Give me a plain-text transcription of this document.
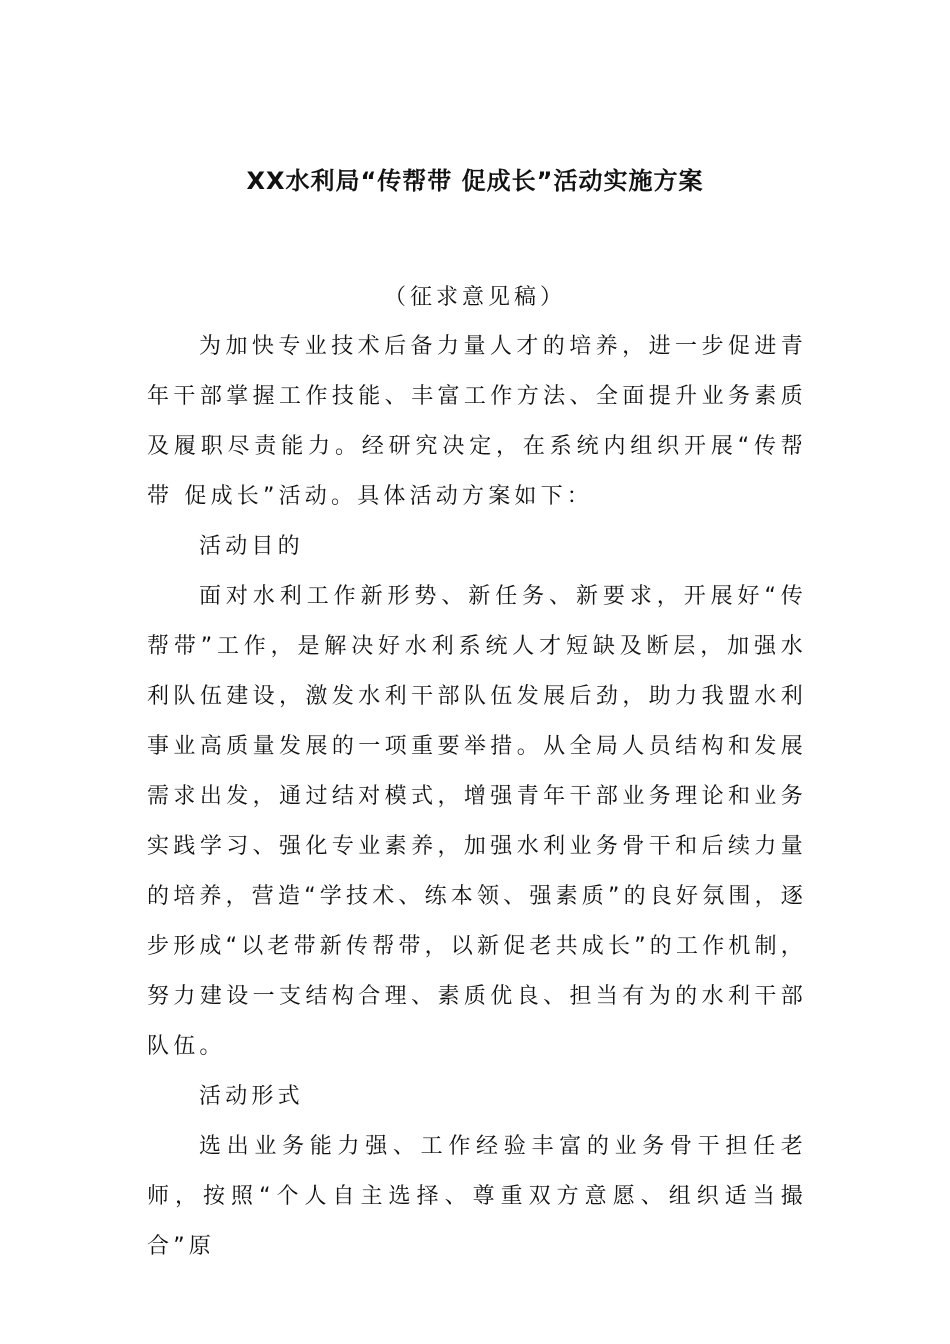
XX水利局“传帮带 促成长”活动实施方案
（征求意见稿）
为加快专业技术后备力量人才的培养，进一步促进青年干部掌握工作技能、丰富工作方法、全面提升业务素质及履职尽责能力。经研究决定，在系统内组织开展“传帮带 促成长”活动。具体活动方案如下：
活动目的
面对水利工作新形势、新任务、新要求，开展好“传帮带”工作，是解决好水利系统人才短缺及断层，加强水利队伍建设，激发水利干部队伍发展后劲，助力我盟水利事业高质量发展的一项重要举措。从全局人员结构和发展需求出发，通过结对模式，增强青年干部业务理论和业务实践学习、强化专业素养，加强水利业务骨干和后续力量的培养，营造“学技术、练本领、强素质”的良好氛围，逐步形成“以老带新传帮带，以新促老共成长”的工作机制，努力建设一支结构合理、素质优良、担当有为的水利干部队伍。
活动形式
选出业务能力强、工作经验丰富的业务骨干担任老师，按照“个人自主选择、尊重双方意愿、组织适当撮合”原
